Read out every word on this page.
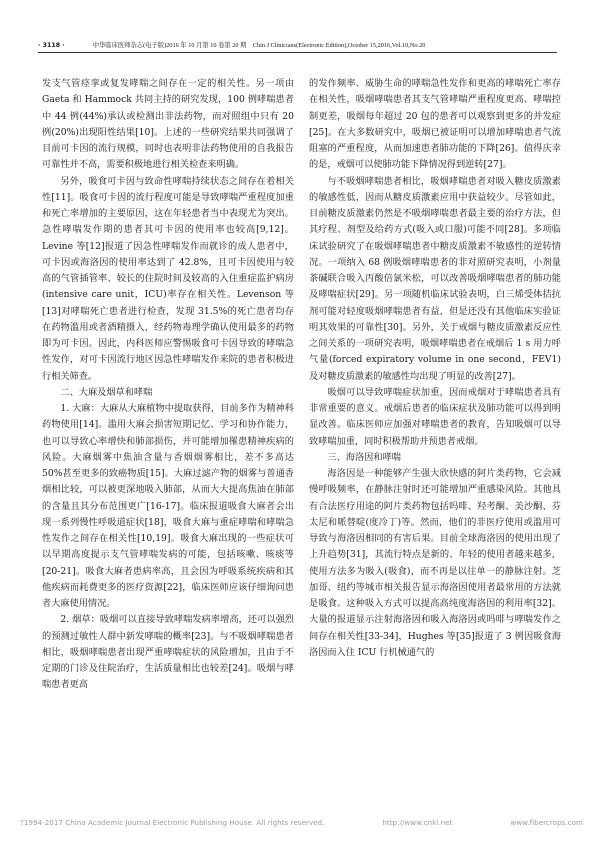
· 3118 ·	中华临床医师杂志(电子版)2016 年 10 月第 10 卷第 20 期　Chin J Clinicians(Electronic Edition),October 15,2016,Vol.10,No.20

发支气管痉挛或复发哮喘之间存在一定的相关性。另一项由 Gaeta 和 Hammock 共同主持的研究发现，100 例哮喘患者中 44 例(44%)承认或检测出非法药物，而对照组中只有 20 例(20%)出现阳性结果[10]。上述的一些研究结果共同强调了目前可卡因的流行规模，同时也表明非法药物使用的自我报告可靠性并不高，需要积极地进行相关检查来明确。

另外，吸食可卡因与致命性哮喘持续状态之间存在着相关性[11]。吸食可卡因的流行程度可能是导致哮喘严重程度加重和死亡率增加的主要原因，这在年轻患者当中表现尤为突出。急性哮喘发作期的患者其可卡因的使用率也较高[9,12]。Levine 等[12]报道了因急性哮喘发作而就诊的成人患者中，可卡因或海洛因的使用率达到了 42.8%，且可卡因使用与较高的气管插管率、较长的住院时间及较高的入住重症监护病房(intensive care unit，ICU)率存在相关性。Levenson 等[13]对哮喘死亡患者进行检查，发现 31.5%的死亡患者均存在药物滥用或者酒精摄入，经药物毒理学确认使用最多的药物即为可卡因。因此，内科医师应警惕吸食可卡因导致的哮喘急性发作，对可卡因流行地区因急性哮喘发作来院的患者积极进行相关筛查。

二、大麻及烟草和哮喘

1. 大麻：大麻从大麻植物中提取获得，目前多作为精神科药物使用[14]。滥用大麻会损害短期记忆、学习和协作能力，也可以导致心率增快和肺部损伤，并可能增加罹患精神疾病的风险。大麻烟雾中焦油含量与香烟烟雾相比，差不多高达 50%甚至更多的致癌物质[15]。大麻过滤产物的烟雾与普通香烟相比较，可以被更深地吸入肺部，从而大大提高焦油在肺部的含量且其分布范围更广[16-17]。临床报道吸食大麻者会出现一系列慢性呼吸道症状[18]，吸食大麻与重症哮喘和哮喘急性发作之间存在相关性[10,19]。吸食大麻出现的一些症状可以早期高度提示支气管哮喘发病的可能，包括咳嗽、咳痰等[20-21]。吸食大麻者患病率高，且会因为呼吸系统疾病和其他疾病而耗费更多的医疗资源[22]，临床医师应该仔细询问患者大麻使用情况。

2. 烟草：吸烟可以直接导致哮喘发病率增高，还可以强烈的预测过敏性人群中新发哮喘的概率[23]。与不吸烟哮喘患者相比，吸烟哮喘患者出现严重哮喘症状的风险增加，且由于不定期的门诊及住院治疗，生活质量相比也较差[24]。吸烟与哮喘患者更高

的发作频率、威胁生命的哮喘急性发作和更高的哮喘死亡率存在相关性，吸烟哮喘患者其支气管哮喘严重程度更高、哮喘控制更差，吸烟每年超过 20 包的患者可以观察到更多的并发症[25]。在大多数研究中，吸烟已被证明可以增加哮喘患者气流阻塞的严重程度，从而加速患者肺功能的下降[26]。值得庆幸的是，戒烟可以使肺功能下降情况得到逆转[27]。

与不吸烟哮喘患者相比，吸烟哮喘患者对吸入糖皮质激素的敏感性低，因而从糖皮质激素应用中获益较少。尽管如此，目前糖皮质激素仍然是不吸烟哮喘患者最主要的治疗方法，但其疗程、剂型及给药方式(吸入或口服)可能不同[28]。多项临床试验研究了在吸烟哮喘患者中糖皮质激素不敏感性的逆转情况。一项纳入 68 例吸烟哮喘患者的非对照研究表明，小剂量茶碱联合吸入丙酸倍氯米松，可以改善吸烟哮喘患者的肺功能及哮喘症状[29]。另一项随机临床试验表明，白三烯受体拮抗剂可能对轻度吸烟哮喘患者有益，但是还没有其他临床实验证明其效果的可靠性[30]。另外，关于戒烟与糖皮质激素反应性之间关系的一项研究表明，吸烟哮喘患者在戒烟后 1 s 用力呼气量(forced expiratory volume in one second，FEV1)及对糖皮质激素的敏感性均出现了明显的改善[27]。

吸烟可以导致哮喘症状加重，因而戒烟对于哮喘患者具有非常重要的意义。戒烟后患者的临床症状及肺功能可以得到明显改善。临床医师应加强对哮喘患者的教育，告知吸烟可以导致哮喘加重，同时积极帮助并预患者戒烟。

三、海洛因和哮喘

海洛因是一种能够产生强大欣快感的阿片类药物，它会减慢呼吸频率，在静脉注射时还可能增加严重感染风险。其他具有合法医疗用途的阿片类药物包括吗啡、羟考酮、美沙酮、芬太尼和哌替啶(度冷丁)等。然而，他们的非医疗使用或滥用可导致与海洛因相同的有害后果。目前全球海洛因的使用出现了上升趋势[31]，其流行特点是新的、年轻的使用者越来越多，使用方法多为吸入(吸食)，而不再是以往单一的静脉注射。芝加哥、纽约等城市相关报告显示海洛因使用者最常用的方法就是吸食。这种吸入方式可以提高高纯度海洛因的利用率[32]。大量的报道显示注射海洛因和吸入海洛因或吗啡与哮喘发作之间存在相关性[33-34]，Hughes 等[35]报道了 3 例因吸食海洛因而入住 ICU 行机械通气的

?1994-2017 China Academic Journal Electronic Publishing House. All rights reserved.	http://www.cnki.net	www.fibercrops.com
